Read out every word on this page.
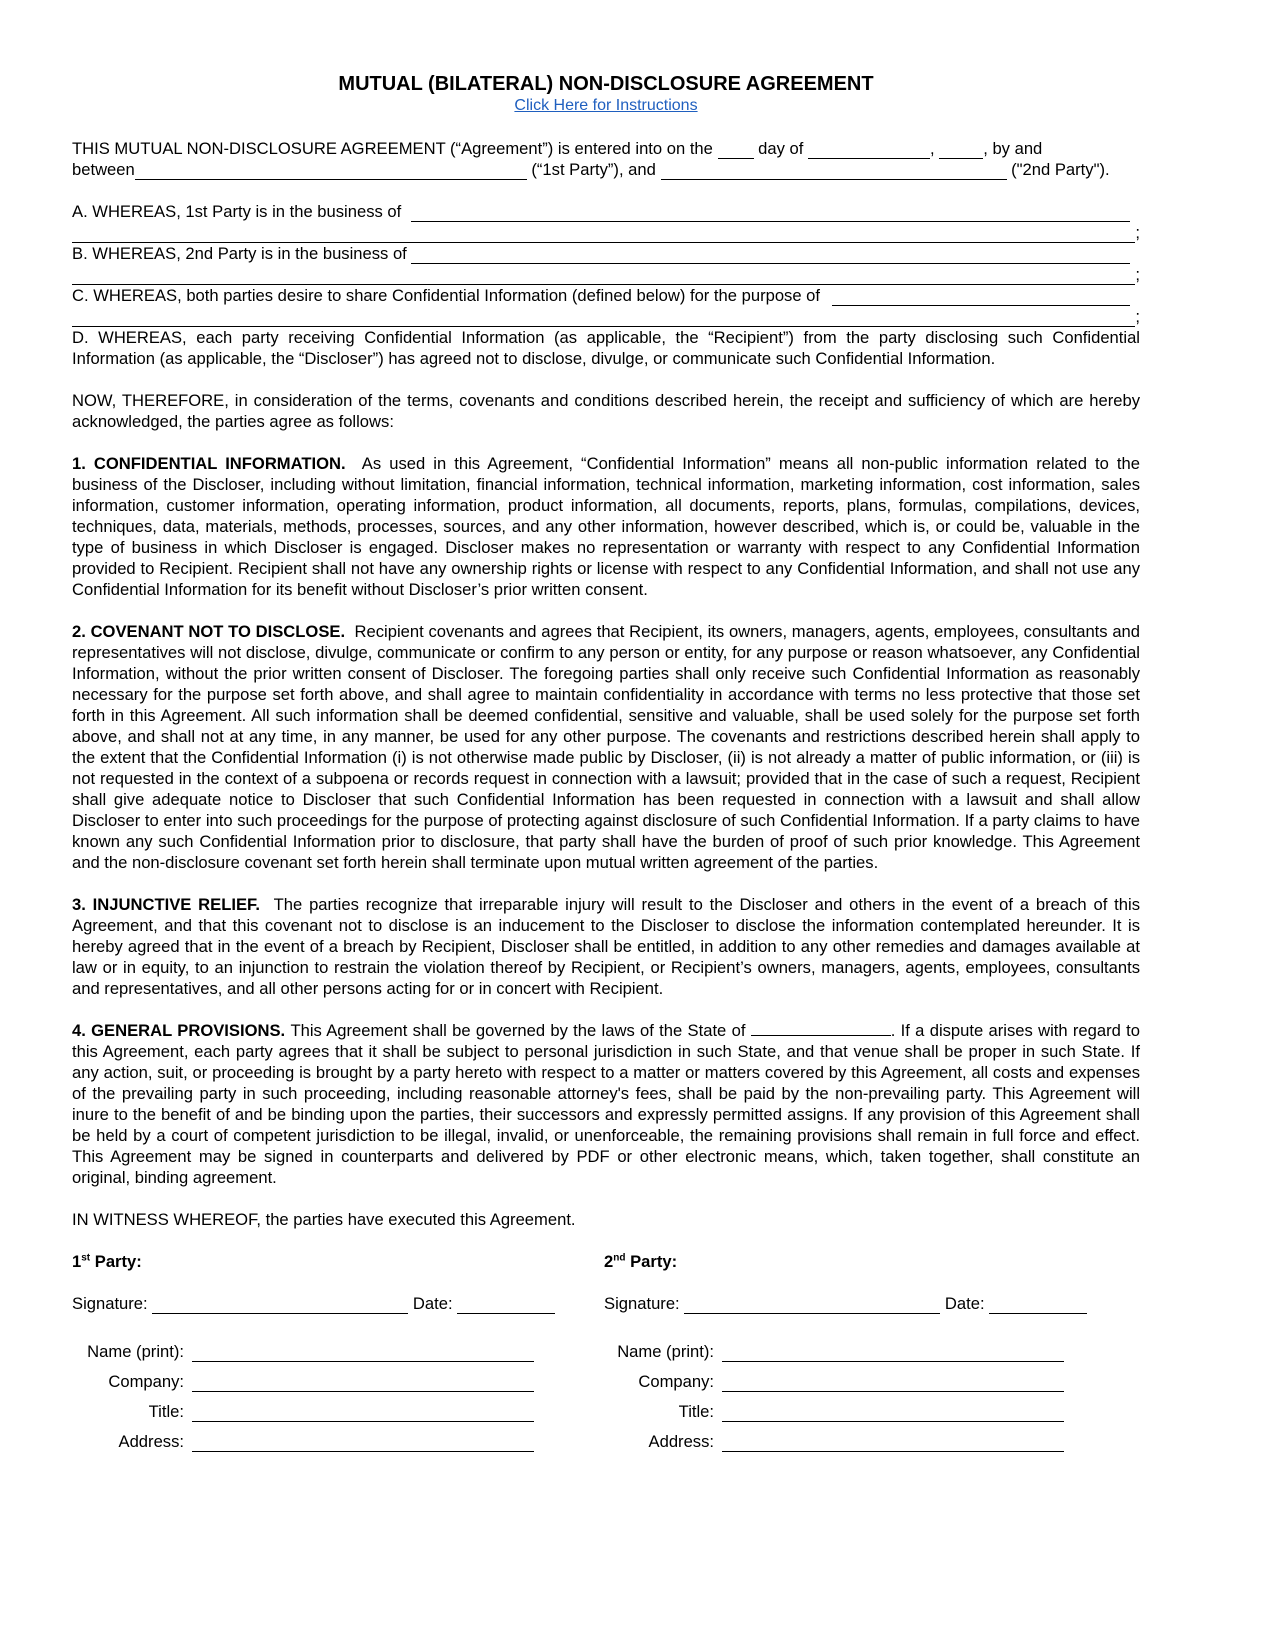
MUTUAL (BILATERAL) NON-DISCLOSURE AGREEMENT
Click Here for Instructions
THIS MUTUAL NON-DISCLOSURE AGREEMENT (“Agreement”) is entered into on the

	day of
	,
	, by and
between
	(“1st Party”), and

	("2nd Party").
A. WHEREAS, 1st Party is in the business of
;
B. WHEREAS, 2nd Party is in the business of
;
C. WHEREAS, both parties desire to share Confidential Information (defined below) for the purpose of
;

D. WHEREAS, each party receiving Confidential Information (as applicable, the “Recipient”) from the party disclosing such Confidential Information (as applicable, the “Discloser”) has agreed not to disclose, divulge, or communicate such Confidential Information.

NOW, THEREFORE, in consideration of the terms, covenants and conditions described herein, the receipt and sufficiency of which are hereby acknowledged, the parties agree as follows:

1. CONFIDENTIAL INFORMATION. As used in this Agreement, “Confidential Information” means all non-public information related to the business of the Discloser, including without limitation, financial information, technical information, marketing information, cost information, sales information, customer information, operating information, product information, all documents, reports, plans, formulas, compilations, devices, techniques, data, materials, methods, processes, sources, and any other information, however described, which is, or could be, valuable in the type of business in which Discloser is engaged. Discloser makes no representation or warranty with respect to any Confidential Information provided to Recipient. Recipient shall not have any ownership rights or license with respect to any Confidential Information, and shall not use any Confidential Information for its benefit without Discloser’s prior written consent.

2. COVENANT NOT TO DISCLOSE. Recipient covenants and agrees that Recipient, its owners, managers, agents, employees, consultants and representatives will not disclose, divulge, communicate or confirm to any person or entity, for any purpose or reason whatsoever, any Confidential Information, without the prior written consent of Discloser. The foregoing parties shall only receive such Confidential Information as reasonably necessary for the purpose set forth above, and shall agree to maintain confidentiality in accordance with terms no less protective that those set forth in this Agreement. All such information shall be deemed confidential, sensitive and valuable, shall be used solely for the purpose set forth above, and shall not at any time, in any manner, be used for any other purpose. The covenants and restrictions described herein shall apply to the extent that the Confidential Information (i) is not otherwise made public by Discloser, (ii) is not already a matter of public information, or (iii) is not requested in the context of a subpoena or records request in connection with a lawsuit; provided that in the case of such a request, Recipient shall give adequate notice to Discloser that such Confidential Information has been requested in connection with a lawsuit and shall allow Discloser to enter into such proceedings for the purpose of protecting against disclosure of such Confidential Information. If a party claims to have known any such Confidential Information prior to disclosure, that party shall have the burden of proof of such prior knowledge. This Agreement and the non-disclosure covenant set forth herein shall terminate upon mutual written agreement of the parties.

3. INJUNCTIVE RELIEF. The parties recognize that irreparable injury will result to the Discloser and others in the event of a breach of this Agreement, and that this covenant not to disclose is an inducement to the Discloser to disclose the information contemplated hereunder. It is hereby agreed that in the event of a breach by Recipient, Discloser shall be entitled, in addition to any other remedies and damages available at law or in equity, to an injunction to restrain the violation thereof by Recipient, or Recipient’s owners, managers, agents, employees, consultants and representatives, and all other persons acting for or in concert with Recipient.

4. GENERAL PROVISIONS. This Agreement shall be governed by the laws of the State of	. If a dispute arises with regard to this Agreement, each party agrees that it shall be subject to personal jurisdiction in such State, and that venue shall be proper in such State. If any action, suit, or proceeding is brought by a party hereto with respect to a matter or matters covered by this Agreement, all costs and expenses of the prevailing party in such proceeding, including reasonable attorney's fees, shall be paid by the non-prevailing party. This Agreement will inure to the benefit of and be binding upon the parties, their successors and expressly permitted assigns. If any provision of this Agreement shall be held by a court of competent jurisdiction to be illegal, invalid, or unenforceable, the remaining provisions shall remain in full force and effect. This Agreement may be signed in counterparts and delivered by PDF or other electronic means, which, taken together, shall constitute an original, binding agreement.

IN WITNESS WHEREOF, the parties have executed this Agreement.

1st Party:
Signature:

	Date:

Name (print):
Company:
Title:
Address:
2nd Party:
Signature:

	Date:

Name (print):
Company:
Title:
Address:
